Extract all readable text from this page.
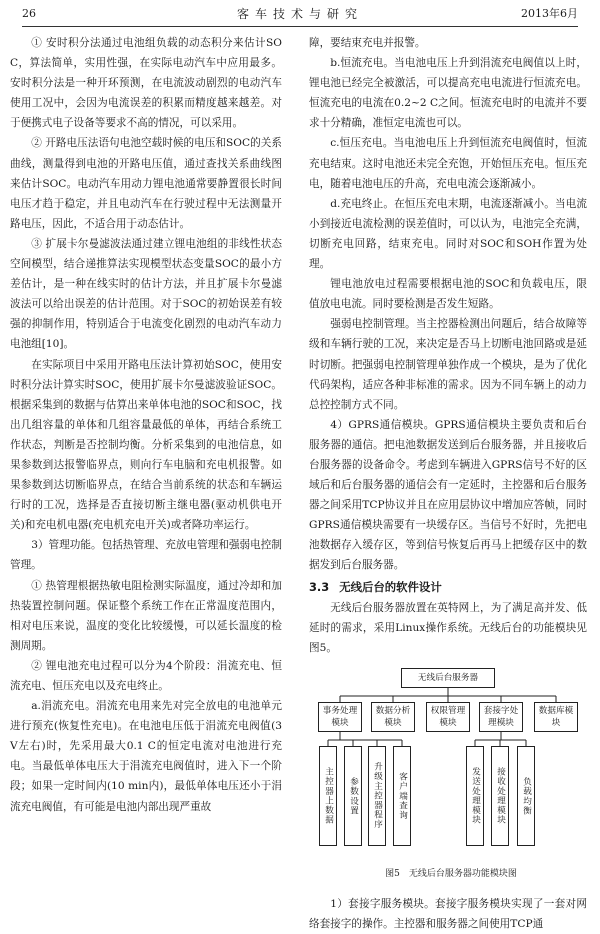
26	客车技术与研究	2013年6月

① 安时积分法通过电池组负载的动态积分来估计SOC，算法简单，实用性强，在实际电动汽车中应用最多。安时积分法是一种开环预测，在电流波动剧烈的电动汽车使用工况中，会因为电流误差的积累而精度越来越差。对于便携式电子设备等要求不高的情况，可以采用。

② 开路电压法语句电池空载时候的电压和SOC的关系曲线，测量得到电池的开路电压值，通过查找关系曲线图来估计SOC。电动汽车用动力锂电池通常要静置很长时间电压才趋于稳定，并且电动汽车在行驶过程中无法测量开路电压，因此，不适合用于动态估计。

③ 扩展卡尔曼滤波法通过建立锂电池组的非线性状态空间模型，结合递推算法实现模型状态变量SOC的最小方差估计，是一种在线实时的估计方法，并且扩展卡尔曼滤波法可以给出误差的估计范围。对于SOC的初始误差有较强的抑制作用，特别适合于电流变化剧烈的电动汽车动力电池组[10]。

在实际项目中采用开路电压法计算初始SOC，使用安时积分法计算实时SOC，使用扩展卡尔曼滤波验证SOC。根据采集到的数据与估算出来单体电池的SOC和SOC，找出几组容量的单体和几组容量最低的单体，再结合系统工作状态，判断是否控制均衡。分析采集到的电池信息，如果参数到达报警临界点，则向行车电脑和充电机报警。如果参数到达切断临界点，在结合当前系统的状态和车辆运行时的工况，选择是否直接切断主继电器(驱动机供电开关)和充电机电器(充电机充电开关)或者降功率运行。

3）管理功能。包括热管理、充放电管理和强弱电控制管理。

① 热管理根据热敏电阻检测实际温度，通过冷却和加热装置控制问题。保证整个系统工作在正常温度范围内，相对电压来说，温度的变化比较缓慢，可以延长温度的检测周期。

② 锂电池充电过程可以分为4个阶段：涓流充电、恒流充电、恒压充电以及充电终止。

a.涓流充电。涓流充电用来先对完全放电的电池单元进行预充(恢复性充电)。在电池电压低于涓流充电阀值(3 V左右)时，先采用最大0.1 C的恒定电流对电池进行充电。当最低单体电压大于涓流充电阀值时，进入下一个阶段；如果一定时间内(10 min内)，最低单体电压还小于涓流充电阀值，有可能是电池内部出现严重故

障，要结束充电并报警。

b.恒流充电。当电池电压上升到涓流充电阀值以上时，锂电池已经完全被激活，可以提高充电电流进行恒流充电。恒流充电的电流在0.2~2 C之间。恒流充电时的电流并不要求十分精确，准恒定电流也可以。

c.恒压充电。当电池电压上升到恒流充电阀值时，恒流充电结束。这时电池还未完全充饱，开始恒压充电。恒压充电，随着电池电压的升高，充电电流会逐渐减小。

d.充电终止。在恒压充电末期，电流逐渐减小。当电流小到接近电流检测的误差值时，可以认为，电池完全充满，切断充电回路，结束充电。同时对SOC和SOH作置为处理。

锂电池放电过程需要根据电池的SOC和负载电压，限值放电电流。同时要检测是否发生短路。

强弱电控制管理。当主控器检测出问题后，结合故障等级和车辆行驶的工况，来决定是否马上切断电池回路或是延时切断。把强弱电控制管理单独作成一个模块，是为了优化代码架构，适应各种非标准的需求。因为不同车辆上的动力总控控制方式不同。

4）GPRS通信模块。GPRS通信模块主要负责和后台服务器的通信。把电池数据发送到后台服务器，并且接收后台服务器的设备命令。考虑到车辆进入GPRS信号不好的区域后和后台服务器的通信会有一定延时，主控器和后台服务器之间采用TCP协议并且在应用层协议中增加应答帧，同时GPRS通信模块需要有一块缓存区。当信号不好时，先把电池数据存入缓存区，等到信号恢复后再马上把缓存区中的数据发到后台服务器。

3.3 无线后台的软件设计

无线后台服务器放置在英特网上，为了满足高并发、低延时的需求，采用Linux操作系统。无线后台的功能模块见图5。

无线后台服务器
事务处理模块
数据分析模块
权限管理模块
套接字处理模块
数据库模块
主控器上数据	参数设置	升级主控器程序	客户端查询	发送处理模块	接收处理模块	负载均衡
图5　无线后台服务器功能模块图

1）套接字服务模块。套接字服务模块实现了一套对网络套接字的操作。主控器和服务器之间使用TCP通
